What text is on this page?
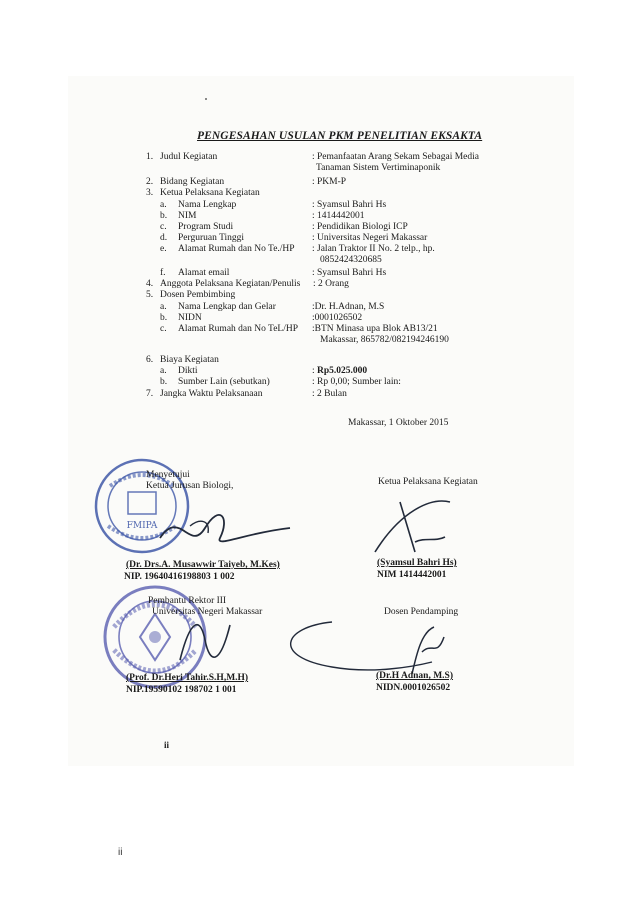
PENGESAHAN USULAN PKM PENELITIAN EKSAKTA
1. Judul Kegiatan	: Pemanfaatan Arang Sekam Sebagai Media
Tanaman Sistem Vertiminaponik
2. Bidang Kegiatan	: PKM-P
3. Ketua Pelaksana Kegiatan
a.	Nama Lengkap	: Syamsul Bahri Hs
b.	NIM	: 1414442001
c.	Program Studi	: Pendidikan Biologi ICP
d.	Perguruan Tinggi	: Universitas Negeri Makassar
e.	Alamat Rumah dan No Te./HP : Jalan Traktor II No. 2 telp., hp.
0852424320685
f.	Alamat email	: Syamsul Bahri Hs
4. Anggota Pelaksana Kegiatan/Penulis : 2 Orang
5. Dosen Pembimbing
a.	Nama Lengkap dan Gelar	:Dr. H.Adnan, M.S
b.	NIDN	:0001026502
c.	Alamat Rumah dan No TeL/HP :BTN Minasa upa Blok AB13/21
Makassar, 865782/082194246190
6. Biaya Kegiatan
a.	Dikti	: Rp5.025.000
b.	Sumber Lain (sebutkan)	: Rp 0,00; Sumber lain:
7. Jangka Waktu Pelaksanaan	: 2 Bulan
Makassar, 1 Oktober 2015
FMIPA
Menyetujui
Ketua Jurusan Biologi,
(Dr. Drs.A. Musawwir Taiyeb, M.Kes)
NIP. 19640416198803 1 002
Ketua Pelaksana Kegiatan
(Syamsul Bahri Hs)
NIM 1414442001
Pembantu Rektor III
Universitas Negeri Makassar
(Prof. Dr.Heri Tahir.S.H,M.H)
NIP.19590102 198702 1 001
Dosen Pendamping
(Dr.H Adnan, M.S)
NIDN.0001026502
ii
ii
